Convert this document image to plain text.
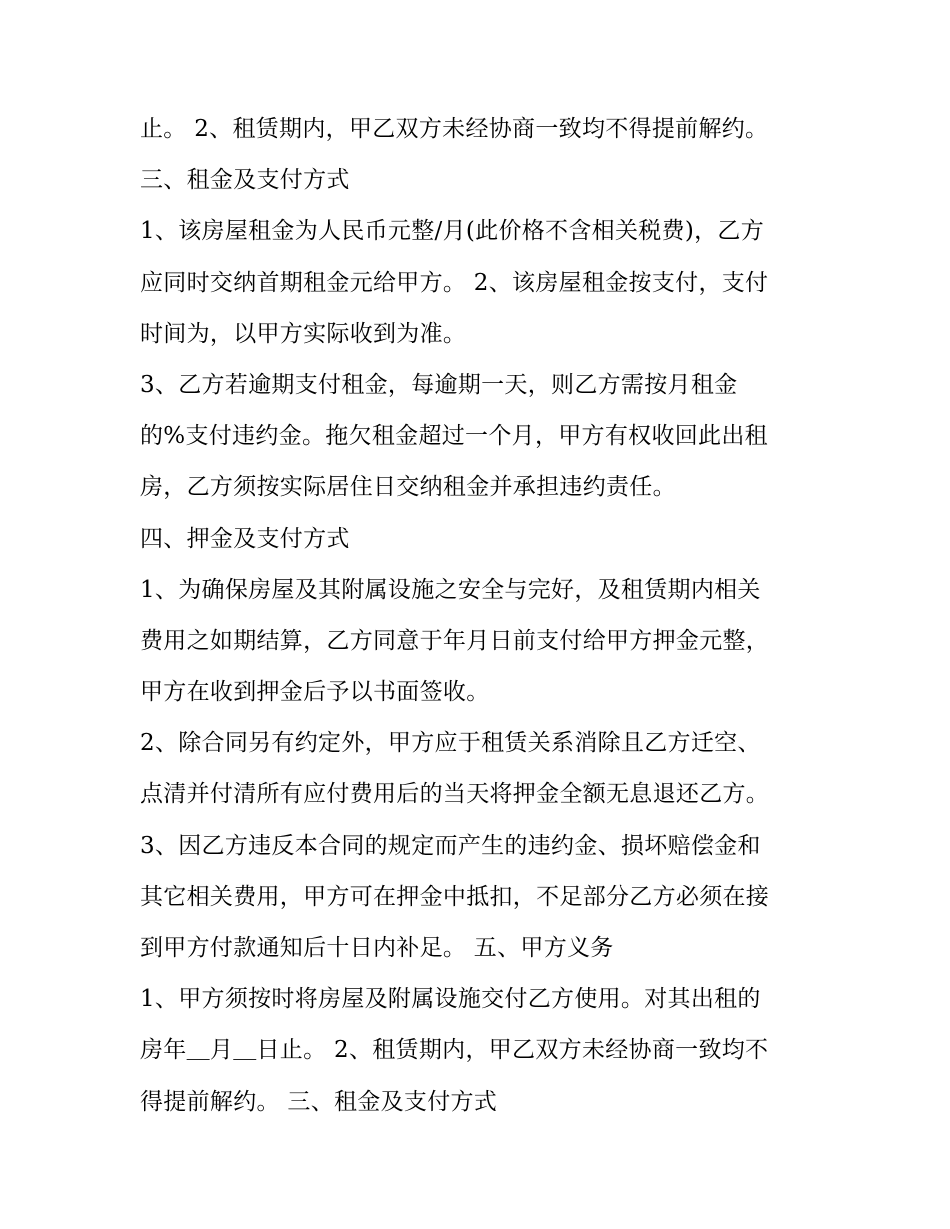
止。 2、租赁期内，甲乙双方未经协商一致均不得提前解约。
三、租金及支付方式
1、该房屋租金为人民币元整/月(此价格不含相关税费)，乙方
应同时交纳首期租金元给甲方。 2、该房屋租金按支付，支付
时间为，以甲方实际收到为准。
3、乙方若逾期支付租金，每逾期一天，则乙方需按月租金
的%支付违约金。拖欠租金超过一个月，甲方有权收回此出租
房，乙方须按实际居住日交纳租金并承担违约责任。
四、押金及支付方式
1、为确保房屋及其附属设施之安全与完好，及租赁期内相关
费用之如期结算，乙方同意于年月日前支付给甲方押金元整，
甲方在收到押金后予以书面签收。
2、除合同另有约定外，甲方应于租赁关系消除且乙方迁空、
点清并付清所有应付费用后的当天将押金全额无息退还乙方。
3、因乙方违反本合同的规定而产生的违约金、损坏赔偿金和
其它相关费用，甲方可在押金中抵扣，不足部分乙方必须在接
到甲方付款通知后十日内补足。 五、甲方义务
1、甲方须按时将房屋及附属设施交付乙方使用。对其出租的
房年＿月＿日止。 2、租赁期内，甲乙双方未经协商一致均不
得提前解约。 三、租金及支付方式
